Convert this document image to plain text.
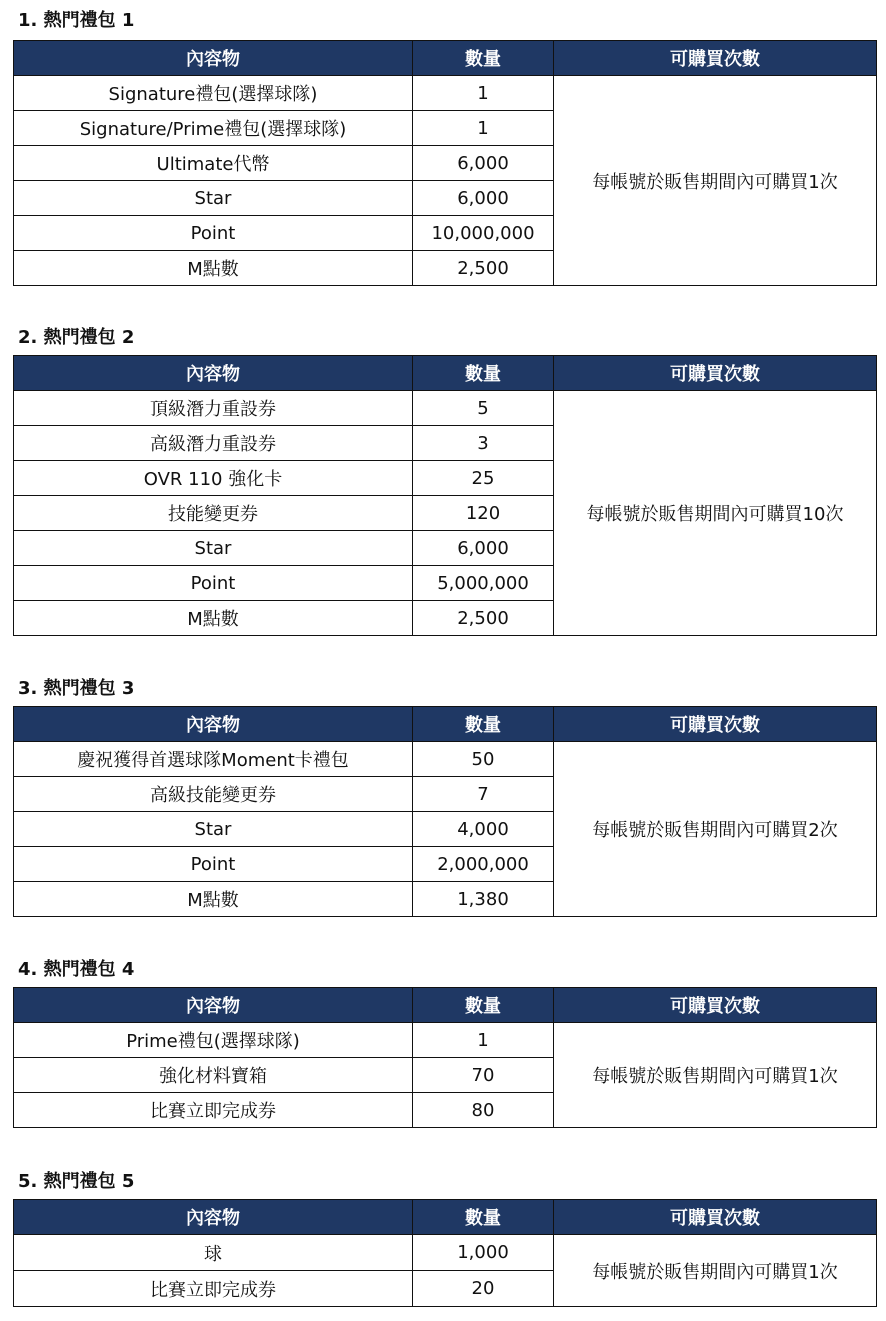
1. 熱門禮包 1
內容物	數量	可購買次數
Signature禮包(選擇球隊)	1	每帳號於販售期間內可購買1次
Signature/Prime禮包(選擇球隊)	1	
Ultimate代幣	6,000	
Star	6,000	
Point	10,000,000	
M點數	2,500	
2. 熱門禮包 2
內容物	數量	可購買次數
頂級潛力重設券	5	每帳號於販售期間內可購買10次
高級潛力重設券	3	
OVR 110 強化卡	25	
技能變更券	120	
Star	6,000	
Point	5,000,000	
M點數	2,500	
3. 熱門禮包 3
內容物	數量	可購買次數
慶祝獲得首選球隊Moment卡禮包	50	每帳號於販售期間內可購買2次
高級技能變更券	7	
Star	4,000	
Point	2,000,000	
M點數	1,380	
4. 熱門禮包 4
內容物	數量	可購買次數
Prime禮包(選擇球隊)	1	每帳號於販售期間內可購買1次
強化材料寶箱	70	
比賽立即完成券	80	
5. 熱門禮包 5
內容物	數量	可購買次數
球	1,000	每帳號於販售期間內可購買1次
比賽立即完成券	20	
